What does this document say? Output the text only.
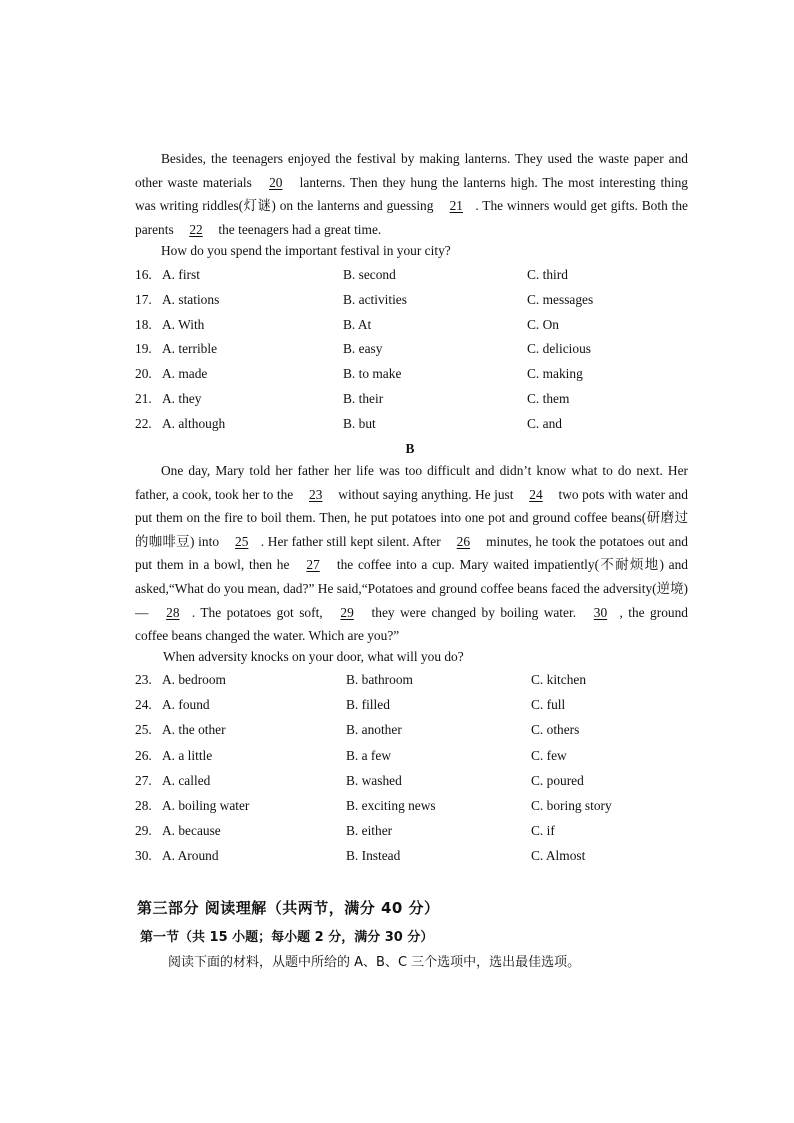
Besides, the teenagers enjoyed the festival by making lanterns. They used the waste paper and other waste materials 20 lanterns. Then they hung the lanterns high. The most interesting thing was writing riddles(灯谜) on the lanterns and guessing 21 . The winners would get gifts. Both the parents 22 the teenagers had a great time.

How do you spend the important festival in your city?
16. A. first	B. second	C. third
17. A. stations	B. activities	C. messages
18. A. With	B. At	C. On
19. A. terrible	B. easy	C. delicious
20. A. made	B. to make	C. making
21. A. they	B. their	C. them
22. A. although	B. but	C. and
B

One day, Mary told her father her life was too difficult and didn’t know what to do next. Her father, a cook, took her to the 23 without saying anything. He just 24 two pots with water and put them on the fire to boil them. Then, he put potatoes into one pot and ground coffee beans(研磨过的咖啡豆) into 25 . Her father still kept silent. After 26 minutes, he took the potatoes out and put them in a bowl, then he 27 the coffee into a cup. Mary waited impatiently(不耐烦地) and asked,“What do you mean, dad?” He said,“Potatoes and ground coffee beans faced the adversity(逆境) — 28 . The potatoes got soft, 29 they were changed by boiling water. 30 , the ground coffee beans changed the water. Which are you?”

When adversity knocks on your door, what will you do?
23. A. bedroom	B. bathroom	C. kitchen
24. A. found	B. filled	C. full
25. A. the other	B. another	C. others
26. A. a little	B. a few	C. few
27. A. called	B. washed	C. poured
28. A. boiling water	B. exciting news	C. boring story
29. A. because	B. either	C. if
30. A. Around	B. Instead	C. Almost
第三部分 阅读理解（共两节，满分 40 分）
第一节（共 15 小题；每小题 2 分，满分 30 分）
阅读下面的材料，从题中所给的 A、B、C 三个选项中，选出最佳选项。
